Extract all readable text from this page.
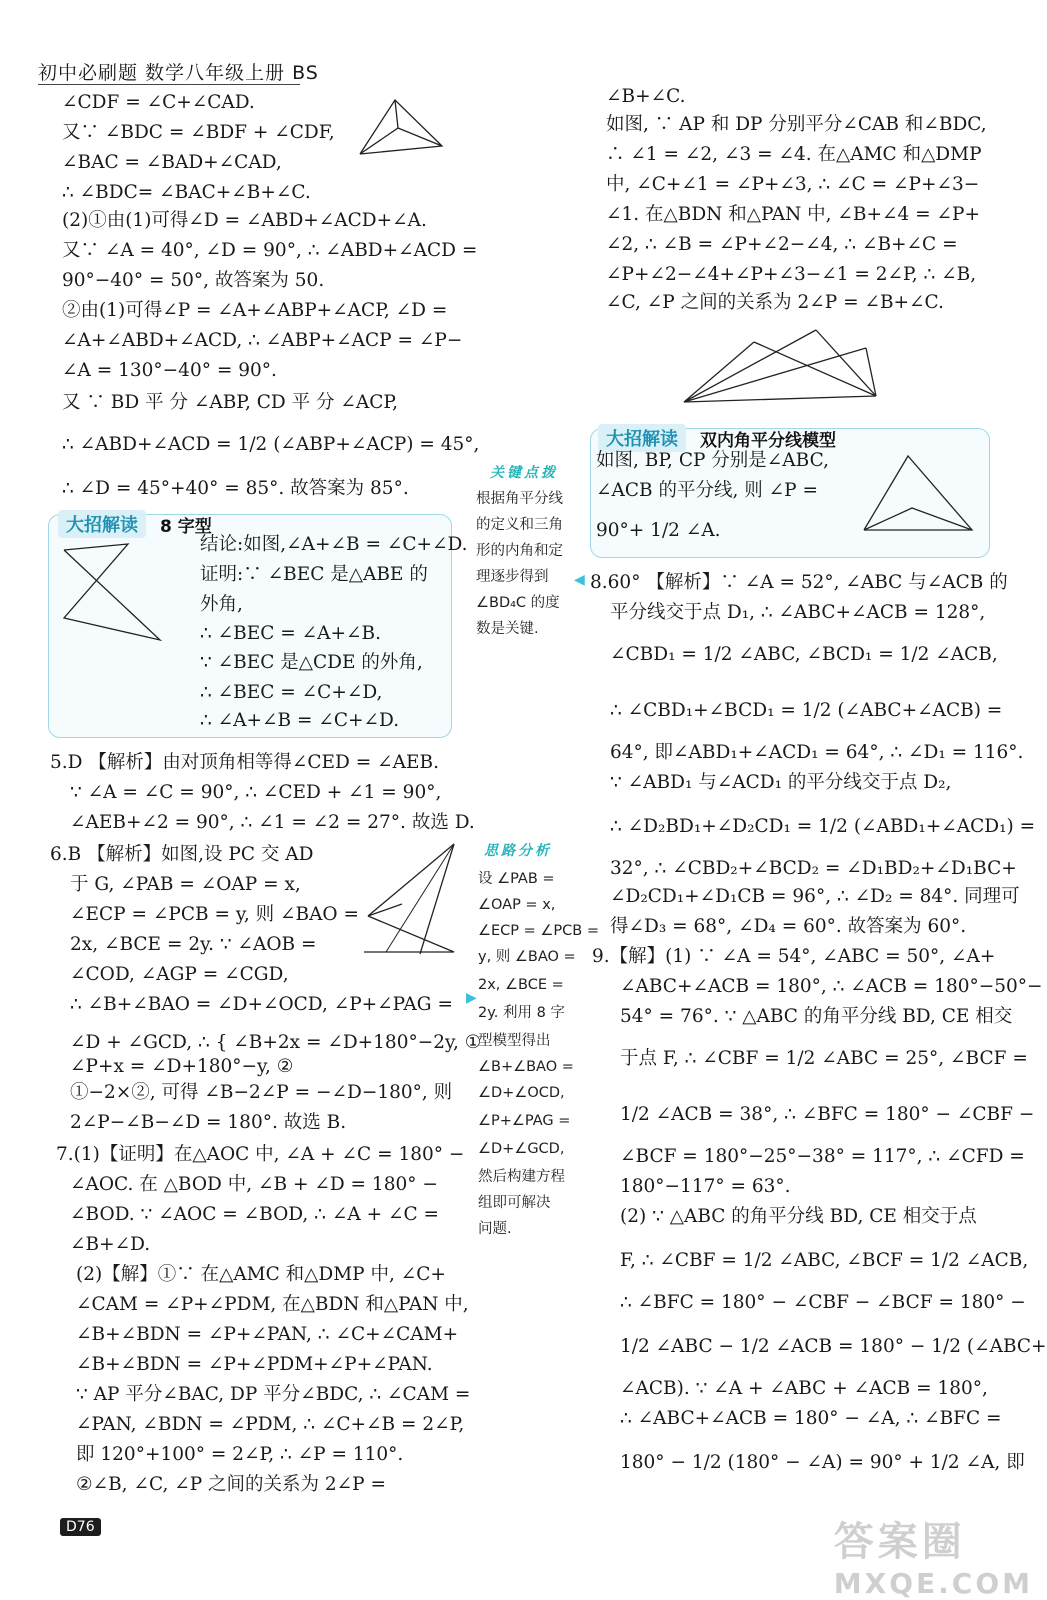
初中必刷题 数学八年级上册 BS
∠CDF = ∠C+∠CAD.
又∵ ∠BDC = ∠BDF + ∠CDF,
∠BAC = ∠BAD+∠CAD,
∴ ∠BDC= ∠BAC+∠B+∠C.
(2)①由(1)可得∠D = ∠ABD+∠ACD+∠A.
又∵ ∠A = 40°, ∠D = 90°, ∴ ∠ABD+∠ACD =
90°−40° = 50°, 故答案为 50.
②由(1)可得∠P = ∠A+∠ABP+∠ACP, ∠D =
∠A+∠ABD+∠ACD, ∴ ∠ABP+∠ACP = ∠P−
∠A = 130°−40° = 90°.
又 ∵ BD 平 分 ∠ABP, CD 平 分 ∠ACP,
∴ ∠ABD+∠ACD = 1/2 (∠ABP+∠ACP) = 45°,
∴ ∠D = 45°+40° = 85°. 故答案为 85°.
大招解读	8 字型
结论:如图,∠A+∠B = ∠C+∠D.
证明:∵ ∠BEC 是△ABE 的
外角,
∴ ∠BEC = ∠A+∠B.
∵ ∠BEC 是△CDE 的外角,
∴ ∠BEC = ∠C+∠D,
∴ ∠A+∠B = ∠C+∠D.
5.D 【解析】由对顶角相等得∠CED = ∠AEB.
∵ ∠A = ∠C = 90°, ∴ ∠CED + ∠1 = 90°,
∠AEB+∠2 = 90°, ∴ ∠1 = ∠2 = 27°. 故选 D.
6.B 【解析】如图,设 PC 交 AD
于 G, ∠PAB = ∠OAP = x,
∠ECP = ∠PCB = y, 则 ∠BAO =
2x, ∠BCE = 2y. ∵ ∠AOB =
∠COD, ∠AGP = ∠CGD,
∴ ∠B+∠BAO = ∠D+∠OCD, ∠P+∠PAG =
∠D + ∠GCD, ∴ { ∠B+2x = ∠D+180°−2y, ①
∠P+x = ∠D+180°−y, ②
①−2×②, 可得 ∠B−2∠P = −∠D−180°, 则
2∠P−∠B−∠D = 180°. 故选 B.
7.(1)【证明】在△AOC 中, ∠A + ∠C = 180° −
∠AOC. 在 △BOD 中, ∠B + ∠D = 180° −
∠BOD. ∵ ∠AOC = ∠BOD, ∴ ∠A + ∠C =
∠B+∠D.
(2)【解】①∵ 在△AMC 和△DMP 中, ∠C+
∠CAM = ∠P+∠PDM, 在△BDN 和△PAN 中,
∠B+∠BDN = ∠P+∠PAN, ∴ ∠C+∠CAM+
∠B+∠BDN = ∠P+∠PDM+∠P+∠PAN.
∵ AP 平分∠BAC, DP 平分∠BDC, ∴ ∠CAM =
∠PAN, ∠BDN = ∠PDM, ∴ ∠C+∠B = 2∠P,
即 120°+100° = 2∠P, ∴ ∠P = 110°.
②∠B, ∠C, ∠P 之间的关系为 2∠P =
关键点拨
根据角平分线
的定义和三角
形的内角和定
理逐步得到
∠BD₄C 的度
数是关键.
◀
思路分析
设 ∠PAB =
∠OAP = x,
∠ECP = ∠PCB =
y, 则 ∠BAO =
2x, ∠BCE =
2y. 利用 8 字
型模型得出
∠B+∠BAO =
∠D+∠OCD,
∠P+∠PAG =
∠D+∠GCD,
然后构建方程
组即可解决
问题.
▶
∠B+∠C.
如图, ∵ AP 和 DP 分别平分∠CAB 和∠BDC,
∴ ∠1 = ∠2, ∠3 = ∠4. 在△AMC 和△DMP
中, ∠C+∠1 = ∠P+∠3, ∴ ∠C = ∠P+∠3−
∠1. 在△BDN 和△PAN 中, ∠B+∠4 = ∠P+
∠2, ∴ ∠B = ∠P+∠2−∠4, ∴ ∠B+∠C =
∠P+∠2−∠4+∠P+∠3−∠1 = 2∠P, ∴ ∠B,
∠C, ∠P 之间的关系为 2∠P = ∠B+∠C.
大招解读	双内角平分线模型
如图, BP, CP 分别是∠ABC,
∠ACB 的平分线, 则 ∠P =
90°+ 1/2 ∠A.
8.60° 【解析】∵ ∠A = 52°, ∠ABC 与∠ACB 的
平分线交于点 D₁, ∴ ∠ABC+∠ACB = 128°,
∠CBD₁ = 1/2 ∠ABC, ∠BCD₁ = 1/2 ∠ACB,
∴ ∠CBD₁+∠BCD₁ = 1/2 (∠ABC+∠ACB) =
64°, 即∠ABD₁+∠ACD₁ = 64°, ∴ ∠D₁ = 116°.
∵ ∠ABD₁ 与∠ACD₁ 的平分线交于点 D₂,
∴ ∠D₂BD₁+∠D₂CD₁ = 1/2 (∠ABD₁+∠ACD₁) =
32°, ∴ ∠CBD₂+∠BCD₂ = ∠D₁BD₂+∠D₁BC+
∠D₂CD₁+∠D₁CB = 96°, ∴ ∠D₂ = 84°. 同理可
得∠D₃ = 68°, ∠D₄ = 60°. 故答案为 60°.
9.【解】(1) ∵ ∠A = 54°, ∠ABC = 50°, ∠A+
∠ABC+∠ACB = 180°, ∴ ∠ACB = 180°−50°−
54° = 76°. ∵ △ABC 的角平分线 BD, CE 相交
于点 F, ∴ ∠CBF = 1/2 ∠ABC = 25°, ∠BCF =
1/2 ∠ACB = 38°, ∴ ∠BFC = 180° − ∠CBF −
∠BCF = 180°−25°−38° = 117°, ∴ ∠CFD =
180°−117° = 63°.
(2) ∵ △ABC 的角平分线 BD, CE 相交于点
F, ∴ ∠CBF = 1/2 ∠ABC, ∠BCF = 1/2 ∠ACB,
∴ ∠BFC = 180° − ∠CBF − ∠BCF = 180° −
1/2 ∠ABC − 1/2 ∠ACB = 180° − 1/2 (∠ABC+
∠ACB). ∵ ∠A + ∠ABC + ∠ACB = 180°,
∴ ∠ABC+∠ACB = 180° − ∠A, ∴ ∠BFC =
180° − 1/2 (180° − ∠A) = 90° + 1/2 ∠A, 即
D76	答案圈
MXQE.COM
